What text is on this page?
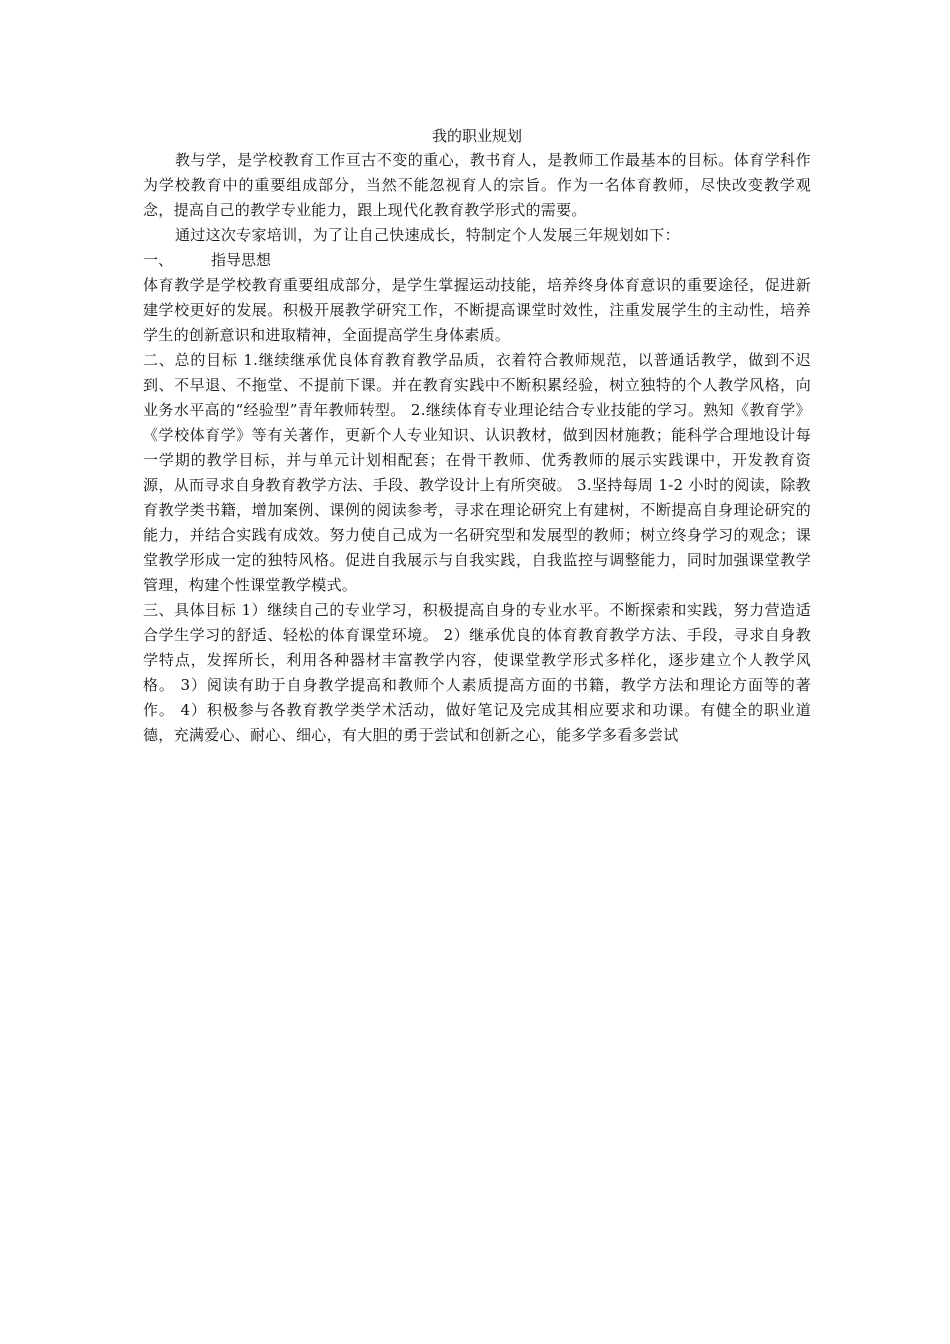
我的职业规划

教与学，是学校教育工作亘古不变的重心，教书育人，是教师工作最基本的目标。体育学科作为学校教育中的重要组成部分，当然不能忽视育人的宗旨。作为一名体育教师，尽快改变教学观念，提高自己的教学专业能力，跟上现代化教育教学形式的需要。

通过这次专家培训，为了让自己快速成长，特制定个人发展三年规划如下：

一、	指导思想

体育教学是学校教育重要组成部分，是学生掌握运动技能，培养终身体育意识的重要途径，促进新建学校更好的发展。积极开展教学研究工作，不断提高课堂时效性，注重发展学生的主动性，培养学生的创新意识和进取精神，全面提高学生身体素质。

二、总的目标 1.继续继承优良体育教育教学品质，衣着符合教师规范，以普通话教学，做到不迟到、不早退、不拖堂、不提前下课。并在教育实践中不断积累经验，树立独特的个人教学风格，向业务水平高的“经验型”青年教师转型。 2.继续体育专业理论结合专业技能的学习。熟知《教育学》《学校体育学》等有关著作，更新个人专业知识、认识教材，做到因材施教；能科学合理地设计每一学期的教学目标，并与单元计划相配套；在骨干教师、优秀教师的展示实践课中，开发教育资源，从而寻求自身教育教学方法、手段、教学设计上有所突破。 3.坚持每周 1-2 小时的阅读，除教育教学类书籍，增加案例、课例的阅读参考，寻求在理论研究上有建树，不断提高自身理论研究的能力，并结合实践有成效。努力使自己成为一名研究型和发展型的教师；树立终身学习的观念；课堂教学形成一定的独特风格。促进自我展示与自我实践，自我监控与调整能力，同时加强课堂教学管理，构建个性课堂教学模式。

三、具体目标 1）继续自己的专业学习，积极提高自身的专业水平。不断探索和实践，努力营造适合学生学习的舒适、轻松的体育课堂环境。 2）继承优良的体育教育教学方法、手段，寻求自身教学特点，发挥所长，利用各种器材丰富教学内容，使课堂教学形式多样化，逐步建立个人教学风格。 3）阅读有助于自身教学提高和教师个人素质提高方面的书籍，教学方法和理论方面等的著作。 4）积极参与各教育教学类学术活动，做好笔记及完成其相应要求和功课。有健全的职业道德，充满爱心、耐心、细心，有大胆的勇于尝试和创新之心，能多学多看多尝试
